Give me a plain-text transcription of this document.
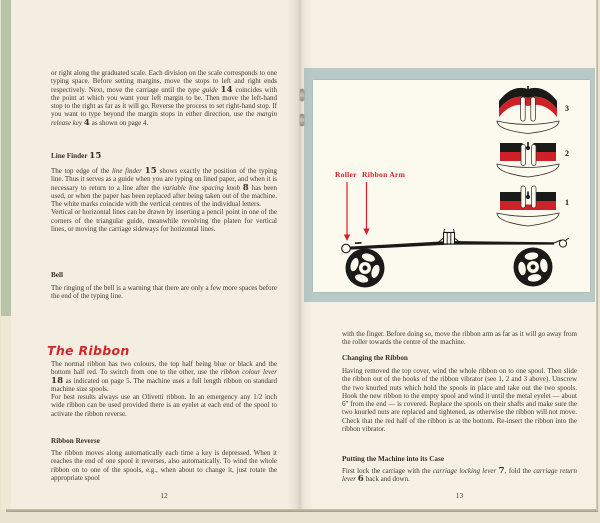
or right along the graduated scale. Each division on the scale corresponds to one typing space. Before setting margins, move the stops to left and right ends respectively. Next, move the carriage until the type guide 14 coincides with the point at which you want your left margin to be. Then move the left-hand stop to the right as far as it will go. Reverse the process to set right-hand stop. If you want to type beyond the margin stops in either direction, use the margin release key 4 as shown on page 4.
Line Finder 15

The top edge of the line finder 15 shows exactly the position of the typing line. Thus it serves as a guide when you are typing on lined paper, and when it is necessary to return to a line after the variable line spacing knob 8 has been used, or when the paper has been replaced after being taken out of the machine. The white marks coincide with the vertical centres of the individual letters.

Vertical or horizontal lines can be drawn by inserting a pencil point in one of the corners of the triangular guide, meanwhile revolving the platen for vertical lines, or moving the carriage sideways for horizontal lines.

Bell
The ringing of the bell is a warning that there are only a few more spaces before the end of the typing line.
The Ribbon

The normal ribbon has two colours, the top half being blue or black and the bottom half red. To switch from one to the other, use the ribbon colour lever 18 as indicated on page 5. The machine uses a full length ribbon on standard machine size spools.

For best results always use an Olivetti ribbon. In an emergency any 1/2 inch wide ribbon can be used provided there is an eyelet at each end of the spool to activate the ribbon reverse.

Ribbon Reverse
The ribbon moves along automatically each time a key is depressed. When it reaches the end of one spool it reverses, also automatically. To wind the whole ribbon on to one of the spools, e.g., when about to change it, just rotate the appropriate spool
12
3
2
1
Roller Ribbon Arm
with the finger. Before doing so, move the ribbon arm as far as it will go away from the roller towards the centre of the machine.
Changing the Ribbon
Having removed the top cover, wind the whole ribbon on to one spool. Then slide the ribbon out of the hooks of the ribbon vibrator (see 1, 2 and 3 above). Unscrew the two knurled nuts which hold the spools in place and take out the two spools. Hook the new ribbon to the empty spool and wind it until the metal eyelet — about 6″ from the end — is covered. Replace the spools on their shafts and make sure the two knurled nuts are replaced and tightened, as otherwise the ribbon will not move. Check that the red half of the ribbon is at the bottom. Re-insert the ribbon into the ribbon vibrator.
Putting the Machine into its Case
First lock the carriage with the carriage locking lever 7, fold the carriage return lever 6 back and down.
13
